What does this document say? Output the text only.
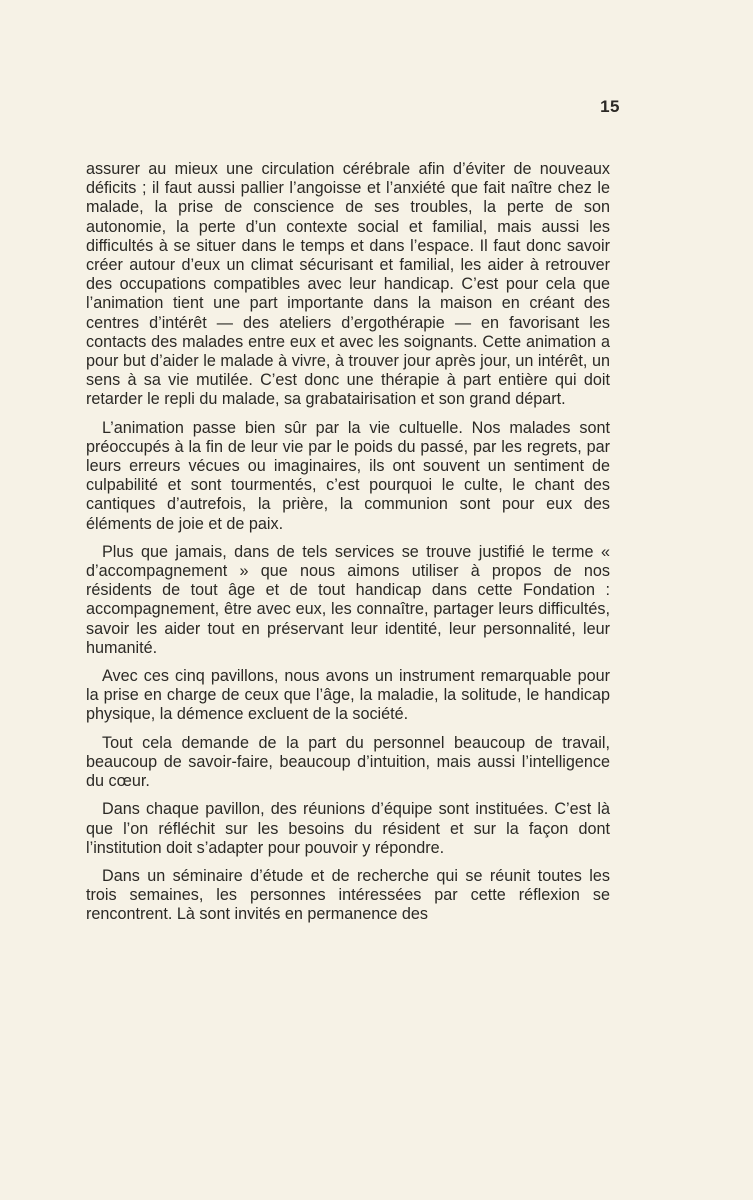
15

assurer au mieux une circulation cérébrale afin d’éviter de nouveaux déficits ; il faut aussi pallier l’angoisse et l’anxiété que fait naître chez le malade, la prise de conscience de ses troubles, la perte de son autonomie, la perte d’un contexte social et familial, mais aussi les difficultés à se situer dans le temps et dans l’espace. Il faut donc savoir créer autour d’eux un climat sécurisant et familial, les aider à retrouver des occupations compatibles avec leur handicap. C’est pour cela que l’animation tient une part importante dans la maison en créant des centres d’intérêt — des ateliers d’ergothérapie — en favorisant les contacts des malades entre eux et avec les soignants. Cette animation a pour but d’aider le malade à vivre, à trouver jour après jour, un intérêt, un sens à sa vie mutilée. C’est donc une thérapie à part entière qui doit retarder le repli du malade, sa grabatairisation et son grand départ.

L’animation passe bien sûr par la vie cultuelle. Nos malades sont préoccupés à la fin de leur vie par le poids du passé, par les regrets, par leurs erreurs vécues ou imaginaires, ils ont souvent un sentiment de culpabilité et sont tourmentés, c’est pourquoi le culte, le chant des cantiques d’autrefois, la prière, la communion sont pour eux des éléments de joie et de paix.

Plus que jamais, dans de tels services se trouve justifié le terme « d’accompagnement » que nous aimons utiliser à propos de nos résidents de tout âge et de tout handicap dans cette Fondation : accompagnement, être avec eux, les connaître, partager leurs difficultés, savoir les aider tout en préservant leur identité, leur personnalité, leur humanité.

Avec ces cinq pavillons, nous avons un instrument remarquable pour la prise en charge de ceux que l’âge, la maladie, la solitude, le handicap physique, la démence excluent de la société.

Tout cela demande de la part du personnel beaucoup de travail, beaucoup de savoir-faire, beaucoup d’intuition, mais aussi l’intelligence du cœur.

Dans chaque pavillon, des réunions d’équipe sont instituées. C’est là que l’on réfléchit sur les besoins du résident et sur la façon dont l’institution doit s’adapter pour pouvoir y répondre.

Dans un séminaire d’étude et de recherche qui se réunit toutes les trois semaines, les personnes intéressées par cette réflexion se rencontrent. Là sont invités en permanence des
